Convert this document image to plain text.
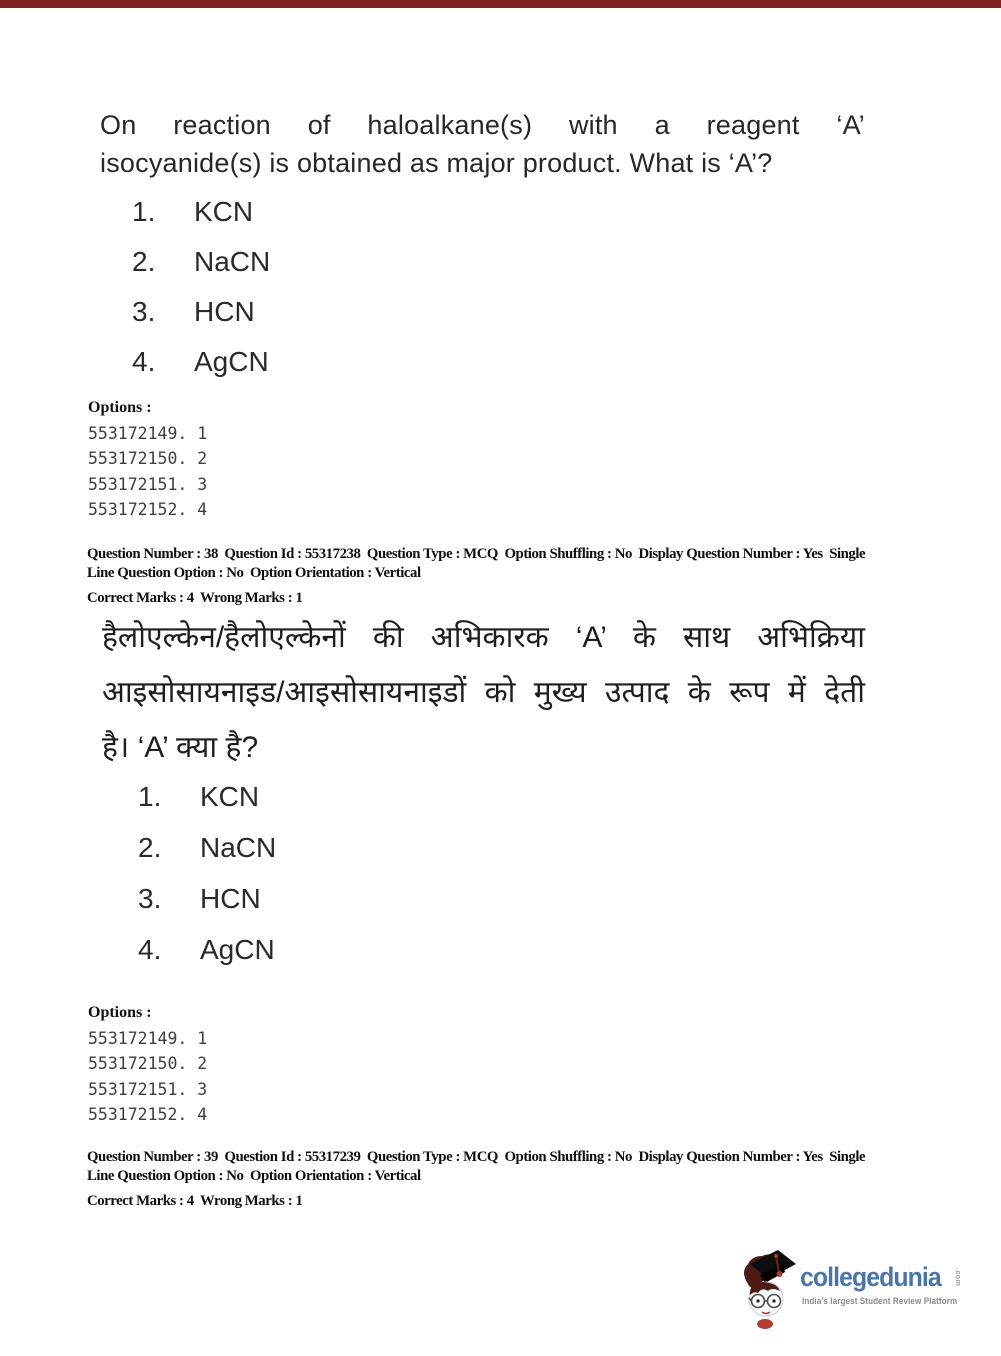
On reaction of haloalkane(s) with a reagent ‘A’
isocyanide(s) is obtained as major product. What is ‘A’?
1.	KCN
2.	NaCN
3.	HCN
4.	AgCN
Options :
553172149. 1
553172150. 2
553172151. 3
553172152. 4
Question Number : 38  Question Id : 55317238  Question Type : MCQ  Option Shuffling : No  Display Question Number : Yes  Single
Line Question Option : No  Option Orientation : Vertical
Correct Marks : 4  Wrong Marks : 1
हैलोएल्केन/हैलोएल्केनों की अभिकारक ‘A’ के साथ अभिक्रिया
आइसोसायनाइड/आइसोसायनाइडों को मुख्य उत्पाद के रूप में देती
है। ‘A’ क्या है?
1.	KCN
2.	NaCN
3.	HCN
4.	AgCN
Options :
553172149. 1
553172150. 2
553172151. 3
553172152. 4
Question Number : 39  Question Id : 55317239  Question Type : MCQ  Option Shuffling : No  Display Question Number : Yes  Single
Line Question Option : No  Option Orientation : Vertical
Correct Marks : 4  Wrong Marks : 1
collegedunia .com
India's largest Student Review Platform
